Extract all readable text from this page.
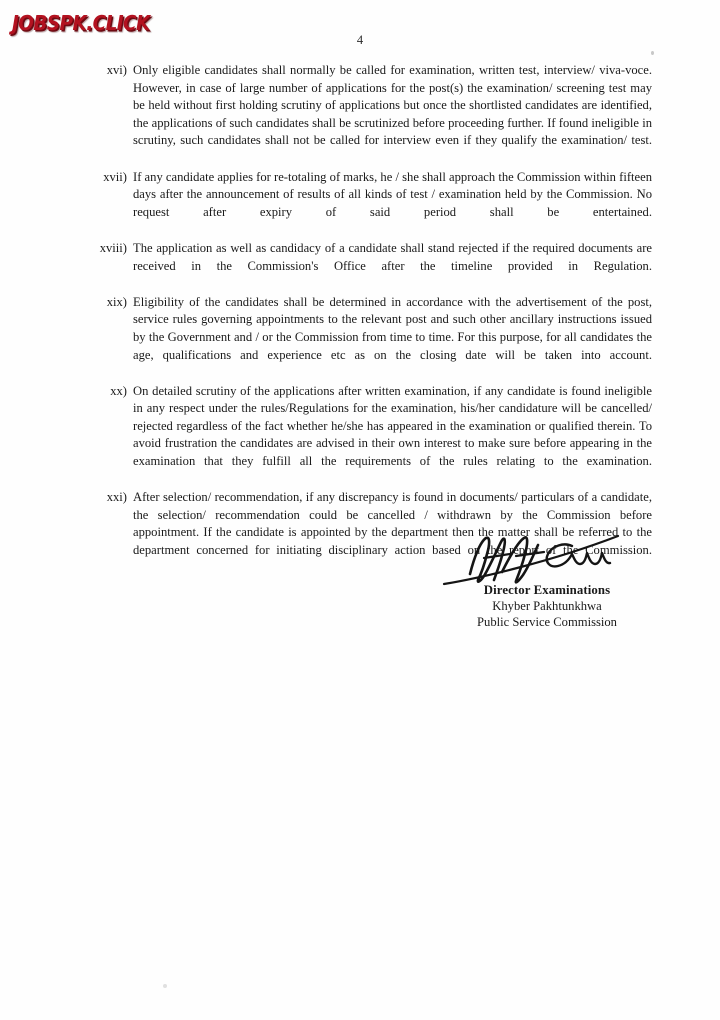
JOBSPK.CLICK
4
xvi) Only eligible candidates shall normally be called for examination, written test, interview/ viva-voce. However, in case of large number of applications for the post(s) the examination/ screening test may be held without first holding scrutiny of applications but once the shortlisted candidates are identified, the applications of such candidates shall be scrutinized before proceeding further. If found ineligible in scrutiny, such candidates shall not be called for interview even if they qualify the examination/ test.
xvii) If any candidate applies for re-totaling of marks, he / she shall approach the Commission within fifteen days after the announcement of results of all kinds of test / examination held by the Commission. No request after expiry of said period shall be entertained.
xviii) The application as well as candidacy of a candidate shall stand rejected if the required documents are received in the Commission's Office after the timeline provided in Regulation.
xix) Eligibility of the candidates shall be determined in accordance with the advertisement of the post, service rules governing appointments to the relevant post and such other ancillary instructions issued by the Government and / or the Commission from time to time. For this purpose, for all candidates the age, qualifications and experience etc as on the closing date will be taken into account.
xx) On detailed scrutiny of the applications after written examination, if any candidate is found ineligible in any respect under the rules/Regulations for the examination, his/her candidature will be cancelled/ rejected regardless of the fact whether he/she has appeared in the examination or qualified therein. To avoid frustration the candidates are advised in their own interest to make sure before appearing in the examination that they fulfill all the requirements of the rules relating to the examination.
xxi) After selection/ recommendation, if any discrepancy is found in documents/ particulars of a candidate, the selection/ recommendation could be cancelled / withdrawn by the Commission before appointment. If the candidate is appointed by the department then the matter shall be referred to the department concerned for initiating disciplinary action based on the report of the Commission.
Director Examinations
Khyber Pakhtunkhwa
Public Service Commission
